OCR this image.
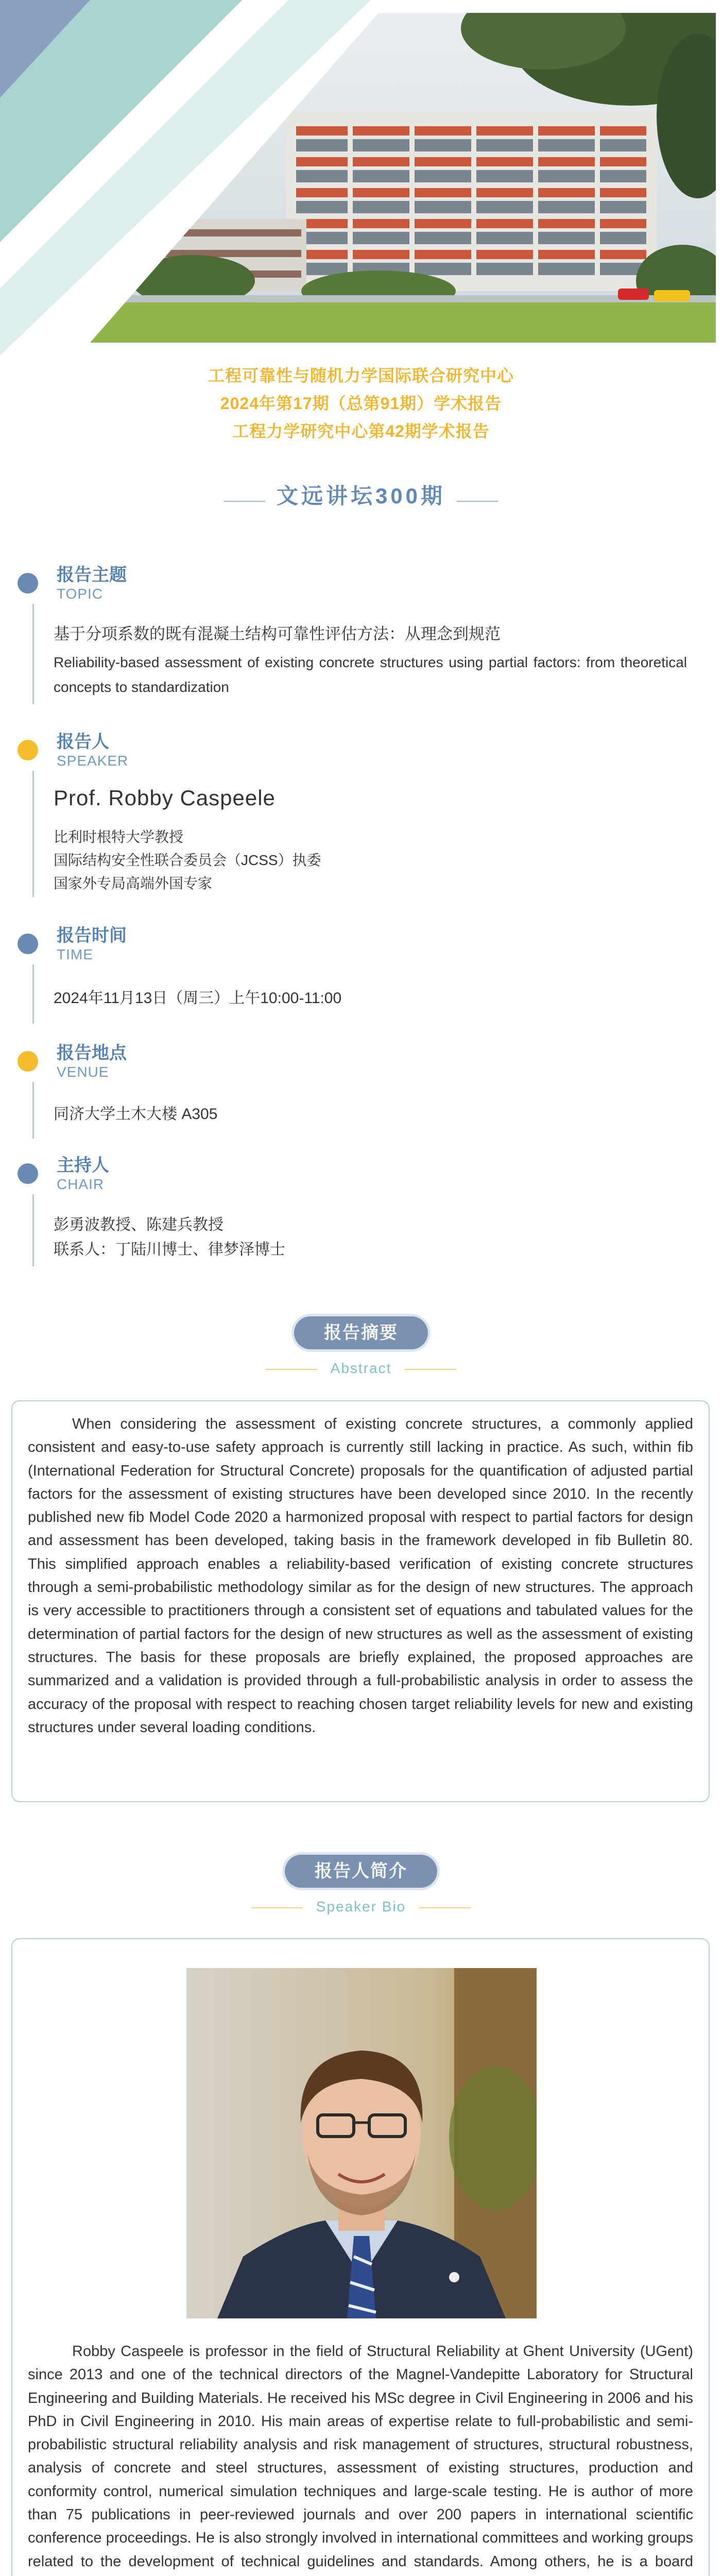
工程可靠性与随机力学国际联合研究中心
2024年第17期（总第91期）学术报告
工程力学研究中心第42期学术报告
文远讲坛300期
报告主题
TOPIC
基于分项系数的既有混凝土结构可靠性评估方法：从理念到规范
Reliability-based assessment of existing concrete structures using partial factors: from theoretical concepts to standardization
报告人
SPEAKER
Prof. Robby Caspeele
比利时根特大学教授
国际结构安全性联合委员会（JCSS）执委
国家外专局高端外国专家
报告时间
TIME
2024年11月13日（周三）上午10:00-11:00
报告地点
VENUE
同济大学土木大楼 A305
主持人
CHAIR
彭勇波教授、陈建兵教授
联系人：丁陆川博士、律梦泽博士
报告摘要
Abstract

When considering the assessment of existing concrete structures, a commonly applied consistent and easy-to-use safety approach is currently still lacking in practice. As such, within fib (International Federation for Structural Concrete) proposals for the quantification of adjusted partial factors for the assessment of existing structures have been developed since 2010. In the recently published new fib Model Code 2020 a harmonized proposal with respect to partial factors for design and assessment has been developed, taking basis in the framework developed in fib Bulletin 80. This simplified approach enables a reliability-based verification of existing concrete structures through a semi-probabilistic methodology similar as for the design of new structures. The approach is very accessible to practitioners through a consistent set of equations and tabulated values for the determination of partial factors for the design of new structures as well as the assessment of existing structures. The basis for these proposals are briefly explained, the proposed approaches are summarized and a validation is provided through a full-probabilistic analysis in order to assess the accuracy of the proposal with respect to reaching chosen target reliability levels for new and existing structures under several loading conditions.

报告人简介
Speaker Bio

Robby Caspeele is professor in the field of Structural Reliability at Ghent University (UGent) since 2013 and one of the technical directors of the Magnel-Vandepitte Laboratory for Structural Engineering and Building Materials. He received his MSc degree in Civil Engineering in 2006 and his PhD in Civil Engineering in 2010. His main areas of expertise relate to full-probabilistic and semi-probabilistic structural reliability analysis and risk management of structures, structural robustness, analysis of concrete and steel structures, assessment of existing structures, production and conformity control, numerical simulation techniques and large-scale testing. He is author of more than 75 publications in peer-reviewed journals and over 200 papers in international scientific conference proceedings. He is also strongly involved in international committees and working groups related to the development of technical guidelines and standards. Among others, he is a board
